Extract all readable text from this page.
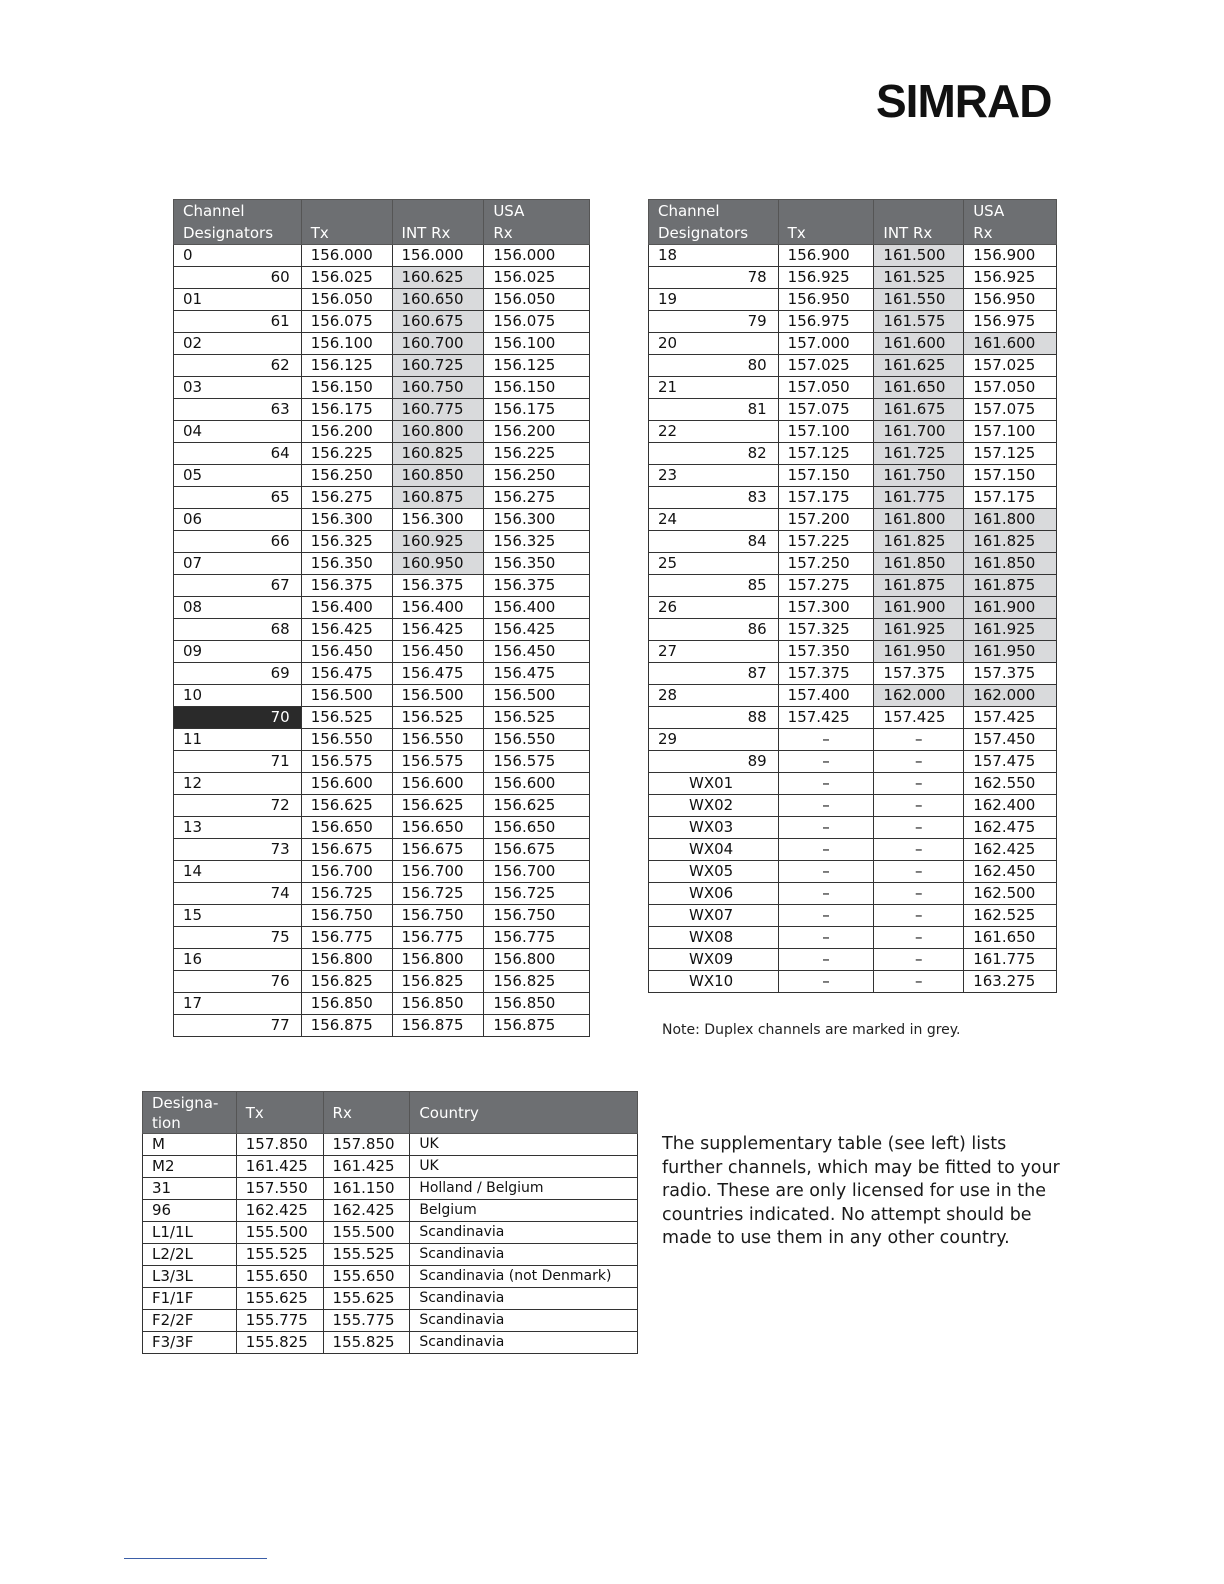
SIMRAD
Channel
Designators	Tx	INT Rx	USA
Rx
0	156.000	156.000	156.000
60	156.025	160.625	156.025
01	156.050	160.650	156.050
61	156.075	160.675	156.075
02	156.100	160.700	156.100
62	156.125	160.725	156.125
03	156.150	160.750	156.150
63	156.175	160.775	156.175
04	156.200	160.800	156.200
64	156.225	160.825	156.225
05	156.250	160.850	156.250
65	156.275	160.875	156.275
06	156.300	156.300	156.300
66	156.325	160.925	156.325
07	156.350	160.950	156.350
67	156.375	156.375	156.375
08	156.400	156.400	156.400
68	156.425	156.425	156.425
09	156.450	156.450	156.450
69	156.475	156.475	156.475
10	156.500	156.500	156.500
70	156.525	156.525	156.525
11	156.550	156.550	156.550
71	156.575	156.575	156.575
12	156.600	156.600	156.600
72	156.625	156.625	156.625
13	156.650	156.650	156.650
73	156.675	156.675	156.675
14	156.700	156.700	156.700
74	156.725	156.725	156.725
15	156.750	156.750	156.750
75	156.775	156.775	156.775
16	156.800	156.800	156.800
76	156.825	156.825	156.825
17	156.850	156.850	156.850
77	156.875	156.875	156.875
Channel
Designators	Tx	INT Rx	USA
Rx
18	156.900	161.500	156.900
78	156.925	161.525	156.925
19	156.950	161.550	156.950
79	156.975	161.575	156.975
20	157.000	161.600	161.600
80	157.025	161.625	157.025
21	157.050	161.650	157.050
81	157.075	161.675	157.075
22	157.100	161.700	157.100
82	157.125	161.725	157.125
23	157.150	161.750	157.150
83	157.175	161.775	157.175
24	157.200	161.800	161.800
84	157.225	161.825	161.825
25	157.250	161.850	161.850
85	157.275	161.875	161.875
26	157.300	161.900	161.900
86	157.325	161.925	161.925
27	157.350	161.950	161.950
87	157.375	157.375	157.375
28	157.400	162.000	162.000
88	157.425	157.425	157.425
29	–	–	157.450
89	–	–	157.475
WX01	–	–	162.550
WX02	–	–	162.400
WX03	–	–	162.475
WX04	–	–	162.425
WX05	–	–	162.450
WX06	–	–	162.500
WX07	–	–	162.525
WX08	–	–	161.650
WX09	–	–	161.775
WX10	–	–	163.275

Note: Duplex channels are marked in grey.

Designa-
tion	Tx	Rx	Country
M	157.850	157.850	UK
M2	161.425	161.425	UK
31	157.550	161.150	Holland / Belgium
96	162.425	162.425	Belgium
L1/1L	155.500	155.500	Scandinavia
L2/2L	155.525	155.525	Scandinavia
L3/3L	155.650	155.650	Scandinavia (not Denmark)
F1/1F	155.625	155.625	Scandinavia
F2/2F	155.775	155.775	Scandinavia
F3/3F	155.825	155.825	Scandinavia

The supplementary table (see left) lists further channels, which may be fitted to your radio. These are only licensed for use in the countries indicated. No attempt should be made to use them in any other country.
